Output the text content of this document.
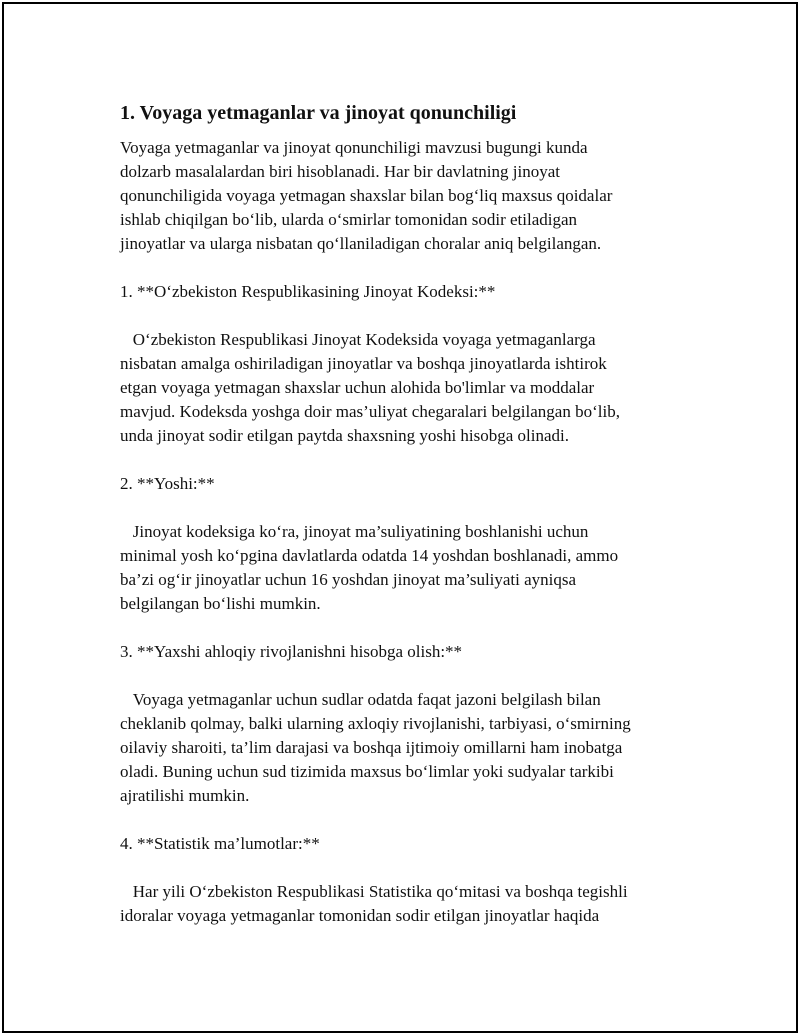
1. Voyaga yetmaganlar va jinoyat qonunchiligi

Voyaga yetmaganlar va jinoyat qonunchiligi mavzusi bugungi kunda
dolzarb masalalardan biri hisoblanadi. Har bir davlatning jinoyat
qonunchiligida voyaga yetmagan shaxslar bilan bog‘liq maxsus qoidalar
ishlab chiqilgan bo‘lib, ularda o‘smirlar tomonidan sodir etiladigan
jinoyatlar va ularga nisbatan qo‘llaniladigan choralar aniq belgilangan.

1. **O‘zbekiston Respublikasining Jinoyat Kodeksi:**

O‘zbekiston Respublikasi Jinoyat Kodeksida voyaga yetmaganlarga
nisbatan amalga oshiriladigan jinoyatlar va boshqa jinoyatlarda ishtirok
etgan voyaga yetmagan shaxslar uchun alohida bo'limlar va moddalar
mavjud. Kodeksda yoshga doir mas’uliyat chegaralari belgilangan bo‘lib,
unda jinoyat sodir etilgan paytda shaxsning yoshi hisobga olinadi.

2. **Yoshi:**

Jinoyat kodeksiga ko‘ra, jinoyat ma’suliyatining boshlanishi uchun
minimal yosh ko‘pgina davlatlarda odatda 14 yoshdan boshlanadi, ammo
ba’zi og‘ir jinoyatlar uchun 16 yoshdan jinoyat ma’suliyati ayniqsa
belgilangan bo‘lishi mumkin.

3. **Yaxshi ahloqiy rivojlanishni hisobga olish:**

Voyaga yetmaganlar uchun sudlar odatda faqat jazoni belgilash bilan
cheklanib qolmay, balki ularning axloqiy rivojlanishi, tarbiyasi, o‘smirning
oilaviy sharoiti, ta’lim darajasi va boshqa ijtimoiy omillarni ham inobatga
oladi. Buning uchun sud tizimida maxsus bo‘limlar yoki sudyalar tarkibi
ajratilishi mumkin.

4. **Statistik ma’lumotlar:**

Har yili O‘zbekiston Respublikasi Statistika qo‘mitasi va boshqa tegishli
idoralar voyaga yetmaganlar tomonidan sodir etilgan jinoyatlar haqida
